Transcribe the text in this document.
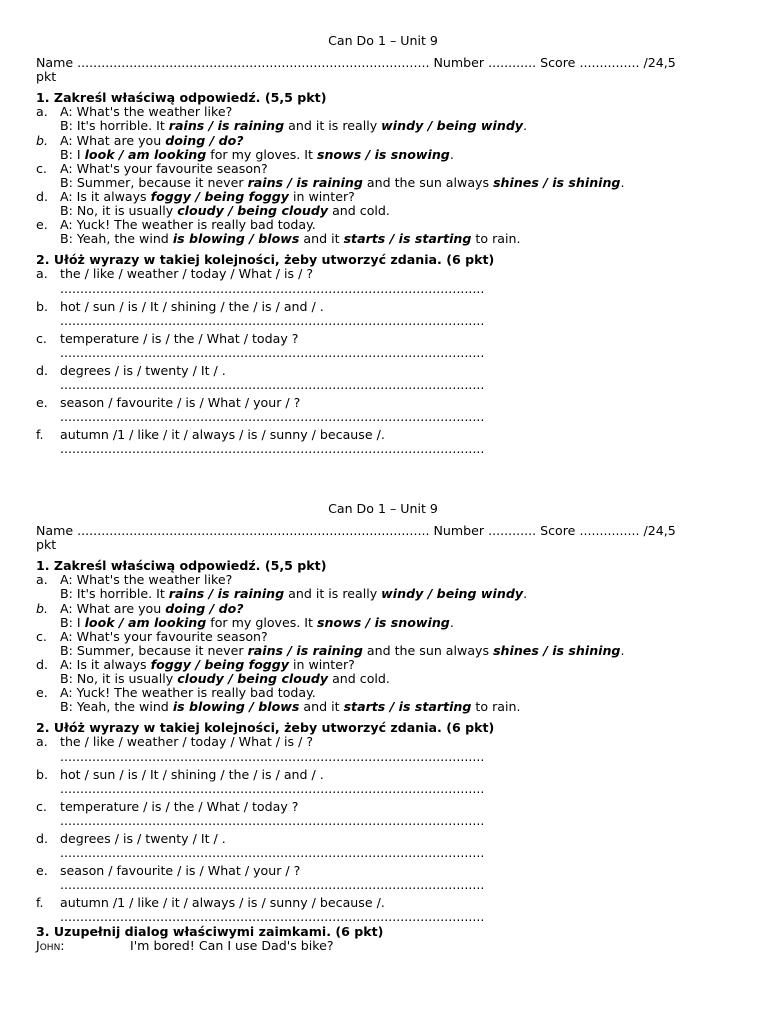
Can Do 1 – Unit 9
Name ........................................................................................ Number ............ Score ............... /24,5
pkt
1. Zakreśl właściwą odpowiedź. (5,5 pkt)
a. A: What's the weather like?
B: It's horrible. It rains / is raining and it is really windy / being windy.
b. A: What are you doing / do?
B: I look / am looking for my gloves. It snows / is snowing.
c.	A: What's your favourite season?
B: Summer, because it never rains / is raining and the sun always shines / is shining.
d. A: Is it always foggy / being foggy in winter?
B: No, it is usually cloudy / being cloudy and cold.
e. A: Yuck! The weather is really bad today.
B: Yeah, the wind is blowing / blows and it starts / is starting to rain.
2. Ułóż wyrazy w takiej kolejności, żeby utworzyć zdania. (6 pkt)
a. the / like / weather / today / What / is / ?
..........................................................................................................
b. hot / sun / is / It / shining / the / is / and / .
..........................................................................................................
c.	temperature / is / the / What / today ?
..........................................................................................................
d. degrees / is / twenty / It / .
..........................................................................................................
e. season / favourite / is / What / your / ?
..........................................................................................................
f.	autumn /1 / like / it / always / is / sunny / because /.
..........................................................................................................
Can Do 1 – Unit 9
Name ........................................................................................ Number ............ Score ............... /24,5
pkt
1. Zakreśl właściwą odpowiedź. (5,5 pkt)
a. A: What's the weather like?
B: It's horrible. It rains / is raining and it is really windy / being windy.
b. A: What are you doing / do?
B: I look / am looking for my gloves. It snows / is snowing.
c.	A: What's your favourite season?
B: Summer, because it never rains / is raining and the sun always shines / is shining.
d. A: Is it always foggy / being foggy in winter?
B: No, it is usually cloudy / being cloudy and cold.
e. A: Yuck! The weather is really bad today.
B: Yeah, the wind is blowing / blows and it starts / is starting to rain.
2. Ułóż wyrazy w takiej kolejności, żeby utworzyć zdania. (6 pkt)
a. the / like / weather / today / What / is / ?
..........................................................................................................
b. hot / sun / is / It / shining / the / is / and / .
..........................................................................................................
c.	temperature / is / the / What / today ?
..........................................................................................................
d. degrees / is / twenty / It / .
..........................................................................................................
e. season / favourite / is / What / your / ?
..........................................................................................................
f.	autumn /1 / like / it / always / is / sunny / because /.
..........................................................................................................
3. Uzupełnij dialog właściwymi zaimkami. (6 pkt)
John:	I'm bored! Can I use Dad's bike?
